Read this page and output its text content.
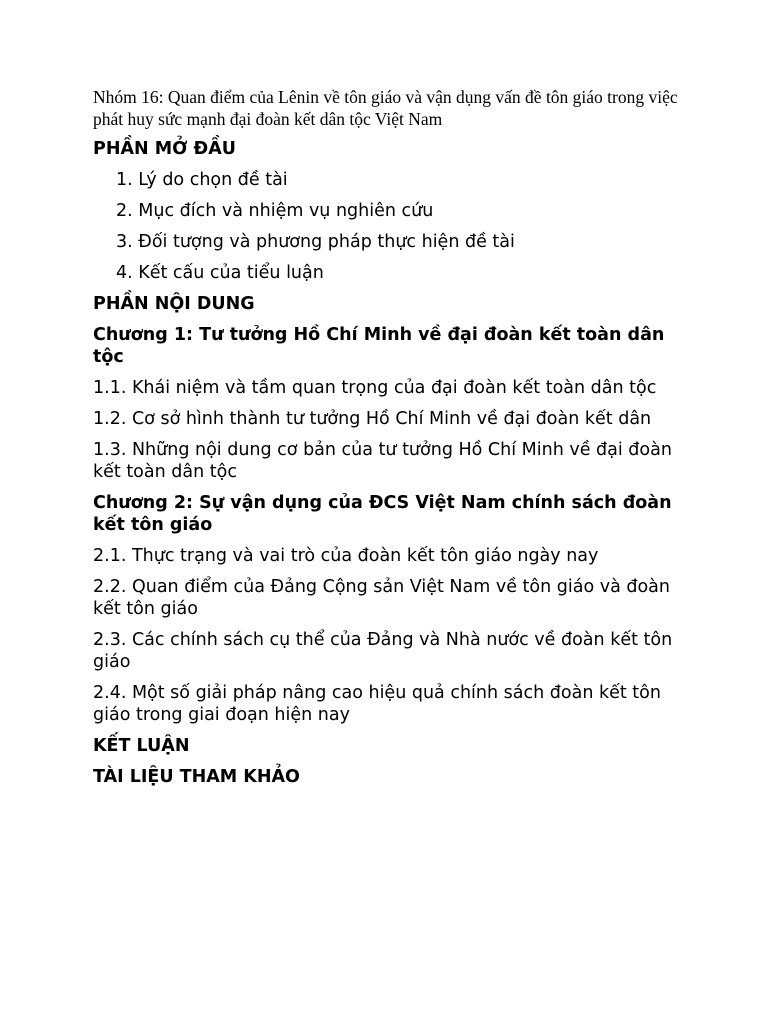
Nhóm 16: Quan điểm của Lênin về tôn giáo và vận dụng vấn đề tôn giáo trong việc phát huy sức mạnh đại đoàn kết dân tộc Việt Nam

PHẦN MỞ ĐẦU
1. Lý do chọn đề tài
2. Mục đích và nhiệm vụ nghiên cứu
3. Đối tượng và phương pháp thực hiện đề tài
4. Kết cấu của tiểu luận
PHẦN NỘI DUNG
Chương 1: Tư tưởng Hồ Chí Minh về đại đoàn kết toàn dân tộc
1.1. Khái niệm và tầm quan trọng của đại đoàn kết toàn dân tộc
1.2. Cơ sở hình thành tư tưởng Hồ Chí Minh về đại đoàn kết dân
1.3. Những nội dung cơ bản của tư tưởng Hồ Chí Minh về đại đoàn kết toàn dân tộc
Chương 2: Sự vận dụng của ĐCS Việt Nam chính sách đoàn kết tôn giáo
2.1. Thực trạng và vai trò của đoàn kết tôn giáo ngày nay
2.2. Quan điểm của Đảng Cộng sản Việt Nam về tôn giáo và đoàn kết tôn giáo
2.3. Các chính sách cụ thể của Đảng và Nhà nước về đoàn kết tôn giáo
2.4. Một số giải pháp nâng cao hiệu quả chính sách đoàn kết tôn giáo trong giai đoạn hiện nay
KẾT LUẬN
TÀI LIỆU THAM KHẢO
